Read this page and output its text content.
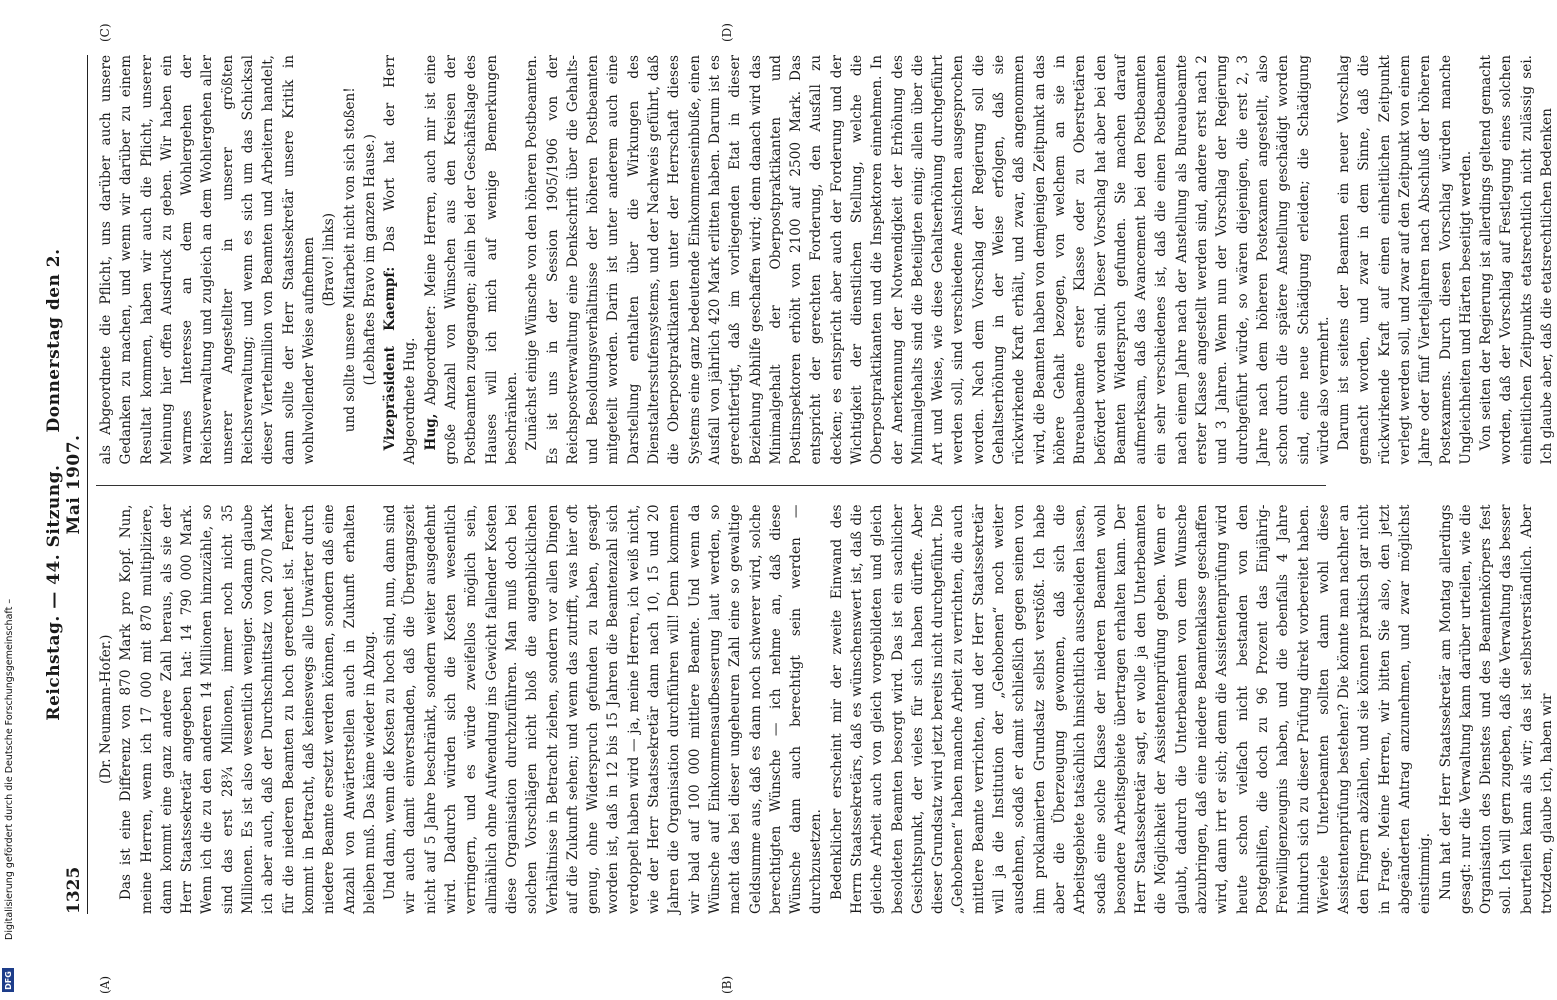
1325
Reichstag. — 44. Sitzung.     Donnerstag den 2. Mai 1907.
(A)	(B)
(C)	(D)

(Dr. Neumann-Hofer.) Das ist eine Differenz von 870 Mark pro Kopf. Nun, meine Herren, wenn ich 17 000 mit 870 multipliziere, dann kommt eine ganz andere Zahl heraus, als sie der Herr Staatssekretär angegeben hat: 14 790 000 Mark. Wenn ich die zu den anderen 14 Millionen hinzuzähle, so sind das erst 28¾ Millionen, immer noch nicht 35 Millionen. Es ist also wesentlich weniger. Sodann glaube ich aber auch, daß der Durchschnittsatz von 2070 Mark für die niederen Beamten zu hoch gerechnet ist. Ferner kommt in Betracht, daß keineswegs alle Unwärter durch niedere Beamte ersetzt werden können, sondern daß eine Anzahl von Anwärterstellen auch in Zukunft erhalten bleiben muß. Das käme wieder in Abzug. Und dann, wenn die Kosten zu hoch sind, nun, dann sind wir auch damit einverstanden, daß die Übergangszeit nicht auf 5 Jahre beschränkt, sondern weiter ausgedehnt wird. Dadurch würden sich die Kosten wesentlich verringern, und es würde zweifellos möglich sein, allmählich ohne Aufwendung ins Gewicht fallender Kosten diese Organisation durchzuführen. Man muß doch bei solchen Vorschlägen nicht bloß die augenblicklichen Verhältnisse in Betracht ziehen, sondern vor allen Dingen auf die Zukunft sehen; und wenn das zutrifft, was hier oft genug, ohne Widerspruch gefunden zu haben, gesagt worden ist, daß in 12 bis 15 Jahren die Beamtenzahl sich verdoppelt haben wird — ja, meine Herren, ich weiß nicht, wie der Herr Staatssekretär dann nach 10, 15 und 20 Jahren die Organisation durchführen will! Denn kommen wir bald auf 100 000 mittlere Beamte. Und wenn da Wünsche auf Einkommensaufbesserung laut werden, so macht das bei dieser ungeheuren Zahl eine so gewaltige Geldsumme aus, daß es dann noch schwerer wird, solche berechtigten Wünsche — ich nehme an, daß diese Wünsche dann auch berechtigt sein werden — durchzusetzen. Bedenklicher erscheint mir der zweite Einwand des Herrn Staatssekretärs, daß es wünschenswert ist, daß die gleiche Arbeit auch von gleich vorgebildeten und gleich besoldeten Beamten besorgt wird. Das ist ein sachlicher Gesichtspunkt, der vieles für sich haben dürfte. Aber dieser Grundsatz wird jetzt bereits nicht durchgeführt. Die „Gehobenen“ haben manche Arbeit zu verrichten, die auch mittlere Beamte verrichten, und der Herr Staatssekretär will ja die Institution der „Gehobenen“ noch weiter ausdehnen, sodaß er damit schließlich gegen seinen von ihm proklamierten Grundsatz selbst verstößt. Ich habe aber die Überzeugung gewonnen, daß sich die Arbeitsgebiete tatsächlich hinsichtlich ausscheiden lassen, sodaß eine solche Klasse der niederen Beamten wohl besondere Arbeitsgebiete übertragen erhalten kann. Der Herr Staatssekretär sagt, er wolle ja den Unterbeamten die Möglichkeit der Assistentenprüfung geben. Wenn er glaubt, dadurch die Unterbeamten von dem Wunsche abzubringen, daß eine niedere Beamtenklasse geschaffen wird, dann irrt er sich; denn die Assistentenprüfung wird heute schon vielfach nicht bestanden von den Postgehilfen, die doch zu 96 Prozent das Einjährig-Freiwilligenzeugnis haben, und die ebenfalls 4 Jahre hindurch sich zu dieser Prüfung direkt vorbereitet haben. Wieviele Unterbeamten sollten dann wohl diese Assistentenprüfung bestehen? Die könnte man nachher an den Fingern abzählen, und sie können praktisch gar nicht in Frage. Meine Herren, wir bitten Sie also, den jetzt abgeänderten Antrag anzunehmen, und zwar möglichst einstimmig. Nun hat der Herr Staatssekretär am Montag allerdings gesagt: nur die Verwaltung kann darüber urteilen, wie die Organisation des Dienstes und des Beamtenkörpers fest soll. Ich will gern zugeben, daß die Verwaltung das besser beurteilen kann als wir; das ist selbstverständlich. Aber trotzdem, glaube ich, haben wir

als Abgeordnete die Pflicht, uns darüber auch unsere Gedanken zu machen, und wenn wir darüber zu einem Resultat kommen, haben wir auch die Pflicht, unserer Meinung hier offen Ausdruck zu geben. Wir haben ein warmes Interesse an dem Wohlergehen der Reichsverwaltung und zugleich an dem Wohlergehen aller unserer Angestellter in unserer größten Reichsverwaltung; und wenn es sich um das Schicksal dieser Viertelmillion von Beamten und Arbeitern handelt, dann sollte der Herr Staatssekretär unsere Kritik in wohlwollender Weise aufnehmen (Bravo! links) und sollte unsere Mitarbeit nicht von sich stoßen! (Lebhaftes Bravo im ganzen Hause.) Vizepräsident Kaempf: Das Wort hat der Herr Abgeordnete Hug. Hug, Abgeordneter: Meine Herren, auch mir ist eine große Anzahl von Wünschen aus den Kreisen der Postbeamten zugegangen; allein bei der Geschäftslage des Hauses will ich mich auf wenige Bemerkungen beschränken. Zunächst einige Wünsche von den höheren Postbeamten. Es ist uns in der Session 1905/1906 von der Reichspostverwaltung eine Denkschrift über die Gehalts- und Besoldungsverhältnisse der höheren Postbeamten mitgeteilt worden. Darin ist unter anderem auch eine Darstellung enthalten über die Wirkungen des Dienstaltersstufensystems, und der Nachweis geführt, daß die Oberpostpraktikanten unter der Herrschaft dieses Systems eine ganz bedeutende Einkommenseinbuße, einen Ausfall von jährlich 420 Mark erlitten haben. Darum ist es gerechtfertigt, daß im vorliegenden Etat in dieser Beziehung Abhilfe geschaffen wird; denn danach wird das Minimalgehalt der Oberpostpraktikanten und Postinspektoren erhöht von 2100 auf 2500 Mark. Das entspricht der gerechten Forderung, den Ausfall zu decken; es entspricht aber auch der Forderung und der Wichtigkeit der dienstlichen Stellung, welche die Oberpostpraktikanten und die Inspektoren einnehmen. In der Anerkennung der Notwendigkeit der Erhöhung des Minimalgehalts sind die Beteiligten einig; allein über die Art und Weise, wie diese Gehaltserhöhung durchgeführt werden soll, sind verschiedene Ansichten ausgesprochen worden. Nach dem Vorschlag der Regierung soll die Gehaltserhöhung in der Weise erfolgen, daß sie rückwirkende Kraft erhält, und zwar, daß angenommen wird, die Beamten haben von demjenigen Zeitpunkt an das höhere Gehalt bezogen, von welchem an sie in Bureaubeamte erster Klasse oder zu Oberstretären befördert worden sind. Dieser Vorschlag hat aber bei den Beamten Widerspruch gefunden. Sie machen darauf aufmerksam, daß das Avancement bei den Postbeamten ein sehr verschiedenes ist, daß die einen Postbeamten nach einem Jahre nach der Anstellung als Bureaubeamte erster Klasse angestellt werden sind, andere erst nach 2 und 3 Jahren. Wenn nun der Vorschlag der Regierung durchgeführt würde, so wären diejenigen, die erst 2, 3 Jahre nach dem höheren Postexamen angestellt, also schon durch die spätere Anstellung geschädigt worden sind, eine neue Schädigung erleiden; die Schädigung würde also vermehrt. Darum ist seitens der Beamten ein neuer Vorschlag gemacht worden, und zwar in dem Sinne, daß die rückwirkende Kraft auf einen einheitlichen Zeitpunkt verlegt werden soll, und zwar auf den Zeitpunkt von einem Jahre oder fünf Vierteljahren nach Abschluß der höheren Postexamens. Durch diesen Vorschlag würden manche Ungleichheiten und Härten beseitigt werden. Von seiten der Regierung ist allerdings geltend gemacht worden, daß der Vorschlag auf Festlegung eines solchen einheitlichen Zeitpunkts etatsrechtlich nicht zulässig sei. Ich glaube aber, daß die etatsrechtlichen Bedenken

Digitalisierung gefördert durch die Deutsche Forschungsgemeinschaft –
DFG
